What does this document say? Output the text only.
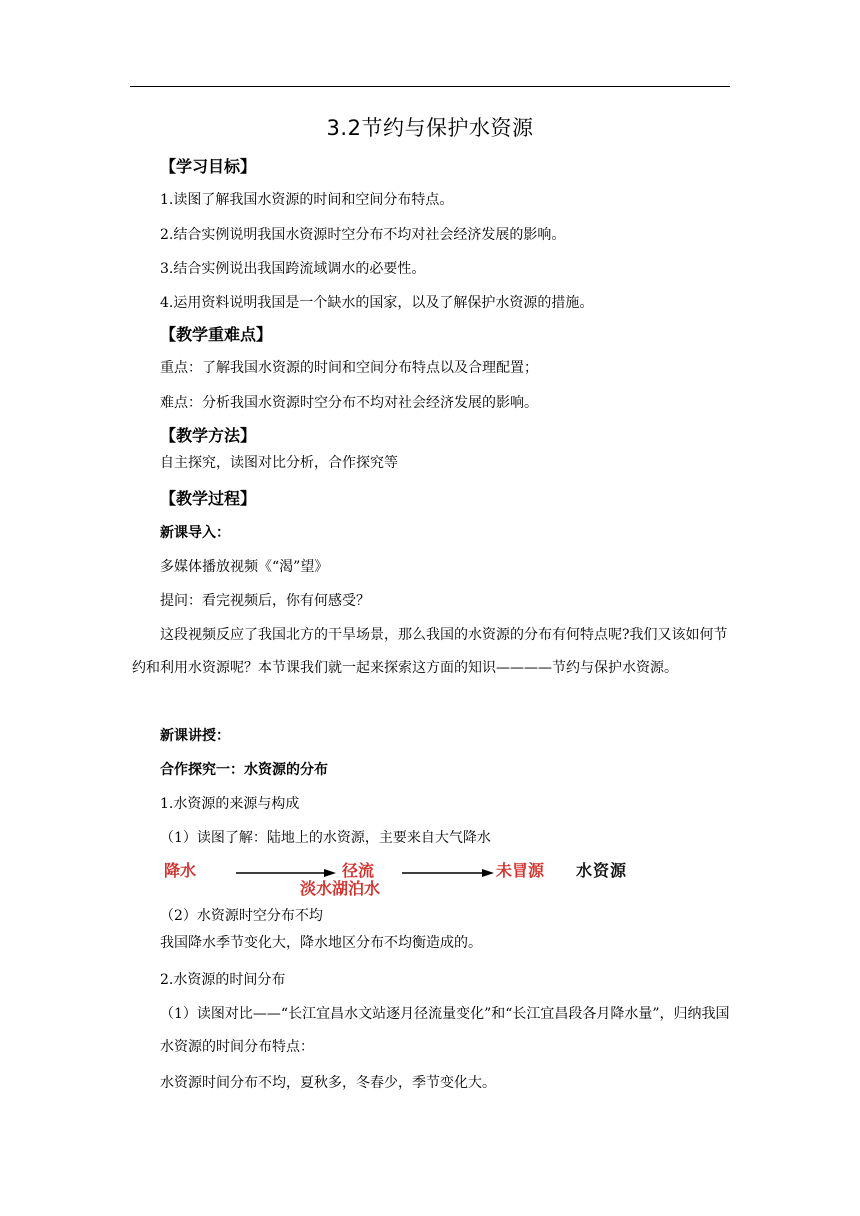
3.2节约与保护水资源
【学习目标】
1.读图了解我国水资源的时间和空间分布特点。
2.结合实例说明我国水资源时空分布不均对社会经济发展的影响。
3.结合实例说出我国跨流域调水的必要性。
4.运用资料说明我国是一个缺水的国家，以及了解保护水资源的措施。
【教学重难点】
重点：了解我国水资源的时间和空间分布特点以及合理配置；
难点：分析我国水资源时空分布不均对社会经济发展的影响。
【教学方法】
自主探究，读图对比分析，合作探究等
【教学过程】
新课导入：
多媒体播放视频《“渴”望》
提问：看完视频后，你有何感受？
这段视频反应了我国北方的干旱场景，那么我国的水资源的分布有何特点呢?我们又该如何节约和利用水资源呢？本节课我们就一起来探索这方面的知识————节约与保护水资源。
新课讲授：
合作探究一：水资源的分布
1.水资源的来源与构成
（1）读图了解：陆地上的水资源，主要来自大气降水
降水	径流
淡水湖泊水
未冒源 水资源
（2）水资源时空分布不均
我国降水季节变化大，降水地区分布不均衡造成的。
2.水资源的时间分布
（1）读图对比——“长江宜昌水文站逐月径流量变化”和“长江宜昌段各月降水量”，归纳我国水资源的时间分布特点：
水资源时间分布不均，夏秋多，冬春少，季节变化大。
